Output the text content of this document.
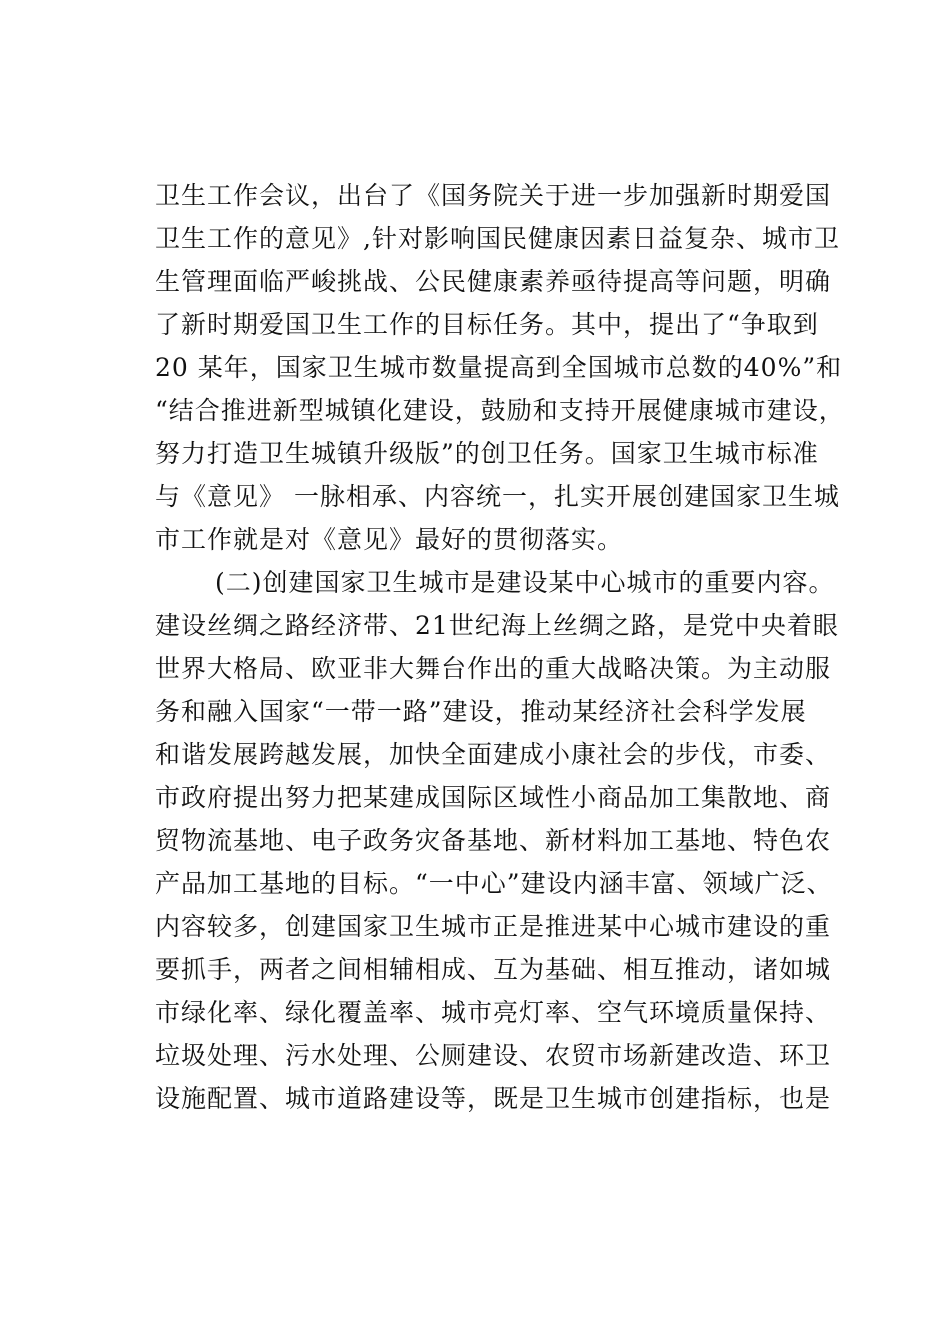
卫生工作会议，出台了《国务院关于进一步加强新时期爱国
卫生工作的意见》,针对影响国民健康因素日益复杂、城市卫
生管理面临严峻挑战、公民健康素养亟待提高等问题，明确
了新时期爱国卫生工作的目标任务。其中，提出了“争取到
20 某年，国家卫生城市数量提高到全国城市总数的40%”和
“结合推进新型城镇化建设，鼓励和支持开展健康城市建设，
努力打造卫生城镇升级版”的创卫任务。国家卫生城市标准
与《意见》 一脉相承、内容统一，扎实开展创建国家卫生城
市工作就是对《意见》最好的贯彻落实。
(二)创建国家卫生城市是建设某中心城市的重要内容。
建设丝绸之路经济带、21世纪海上丝绸之路，是党中央着眼
世界大格局、欧亚非大舞台作出的重大战略决策。为主动服
务和融入国家“一带一路”建设，推动某经济社会科学发展
和谐发展跨越发展，加快全面建成小康社会的步伐，市委、
市政府提出努力把某建成国际区域性小商品加工集散地、商
贸物流基地、电子政务灾备基地、新材料加工基地、特色农
产品加工基地的目标。“一中心”建设内涵丰富、领域广泛、
内容较多，创建国家卫生城市正是推进某中心城市建设的重
要抓手，两者之间相辅相成、互为基础、相互推动，诸如城
市绿化率、绿化覆盖率、城市亮灯率、空气环境质量保持、
垃圾处理、污水处理、公厕建设、农贸市场新建改造、环卫
设施配置、城市道路建设等，既是卫生城市创建指标，也是
